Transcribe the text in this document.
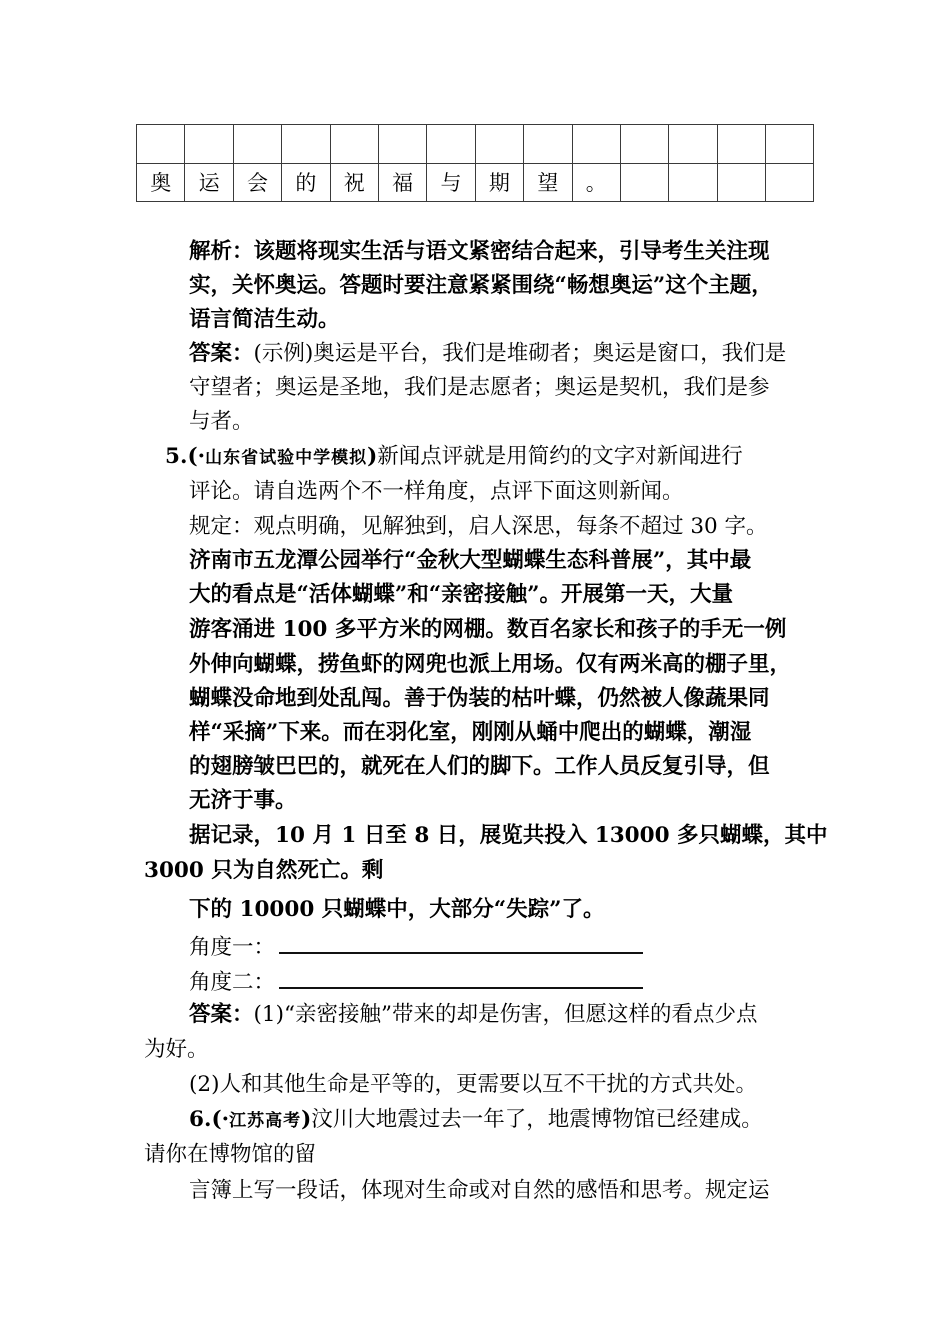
奥	运	会	的	祝	福	与	期	望	。				
解析：该题将现实生活与语文紧密结合起来，引导考生关注现
实，关怀奥运。答题时要注意紧紧围绕“畅想奥运”这个主题，
语言简洁生动。
答案：(示例)奥运是平台，我们是堆砌者；奥运是窗口，我们是
守望者；奥运是圣地，我们是志愿者；奥运是契机，我们是参
与者。
5.(·山东省试验中学模拟)新闻点评就是用简约的文字对新闻进行
评论。请自选两个不一样角度，点评下面这则新闻。
规定：观点明确，见解独到，启人深思，每条不超过 30 字。
济南市五龙潭公园举行“金秋大型蝴蝶生态科普展”，其中最
大的看点是“活体蝴蝶”和“亲密接触”。开展第一天，大量
游客涌进 100 多平方米的网棚。数百名家长和孩子的手无一例
外伸向蝴蝶，捞鱼虾的网兜也派上用场。仅有两米高的棚子里，
蝴蝶没命地到处乱闯。善于伪装的枯叶蝶，仍然被人像蔬果同
样“采摘”下来。而在羽化室，刚刚从蛹中爬出的蝴蝶，潮湿
的翅膀皱巴巴的，就死在人们的脚下。工作人员反复引导，但
无济于事。
据记录，10 月 1 日至 8 日，展览共投入 13000 多只蝴蝶，其中
3000 只为自然死亡。剩
下的 10000 只蝴蝶中，大部分“失踪”了。
角度一：
角度二：
答案：(1)“亲密接触”带来的却是伤害，但愿这样的看点少点
为好。
(2)人和其他生命是平等的，更需要以互不干扰的方式共处。
6.(·江苏高考)汶川大地震过去一年了，地震博物馆已经建成。
请你在博物馆的留
言簿上写一段话，体现对生命或对自然的感悟和思考。规定运
